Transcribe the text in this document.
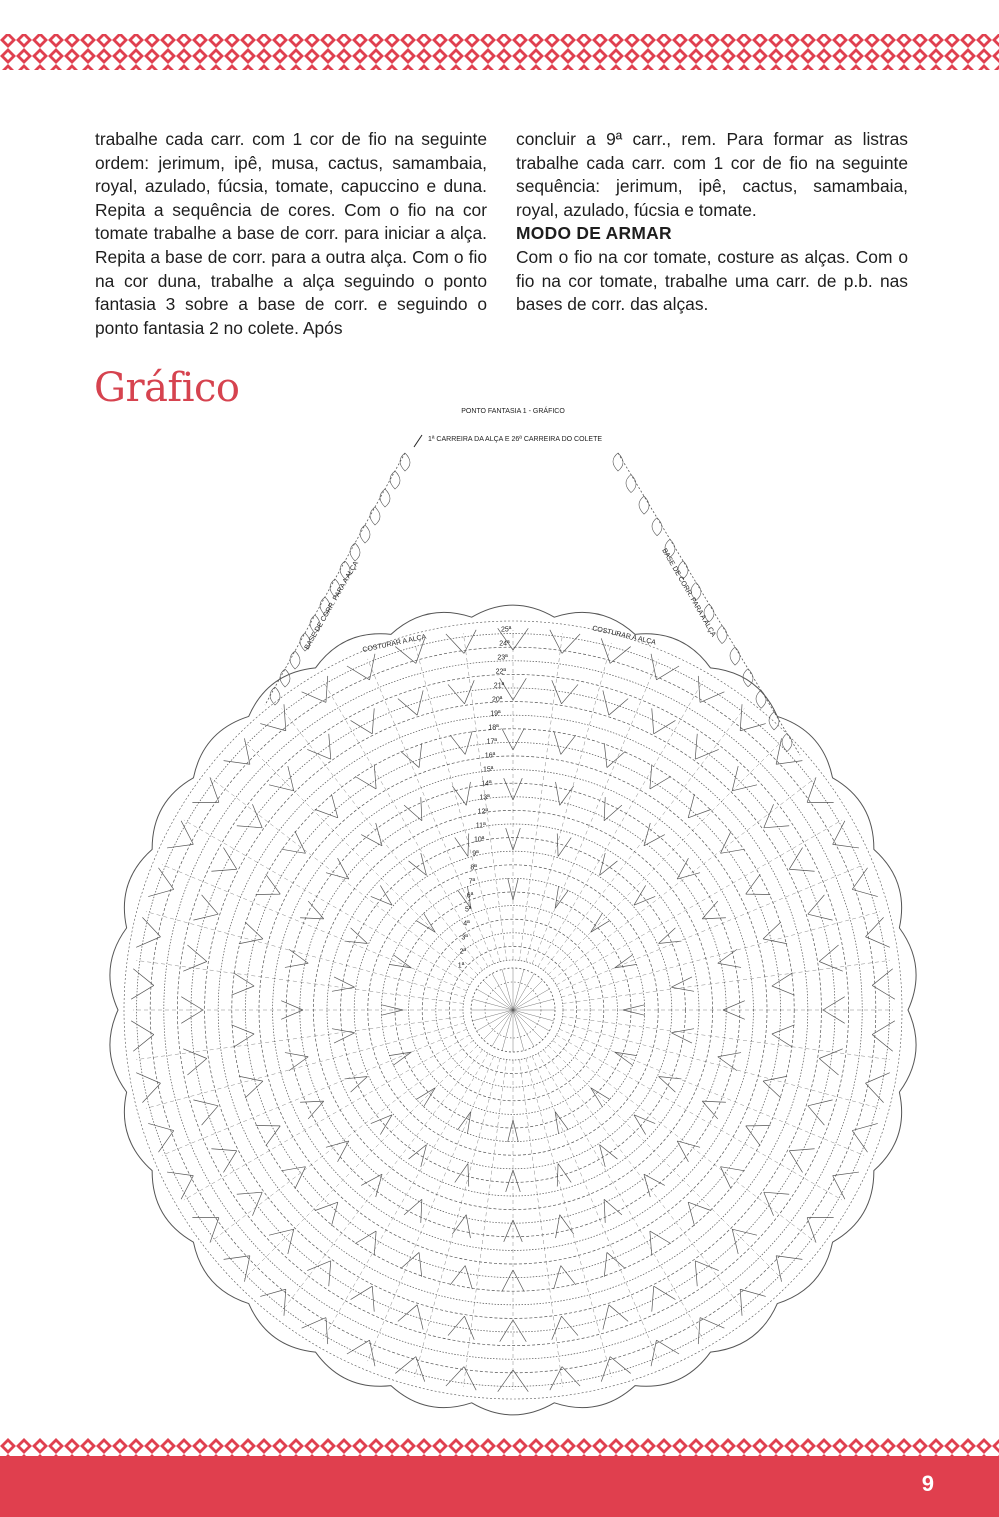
trabalhe cada carr. com 1 cor de fio na seguinte ordem: jerimum, ipê, musa, cactus, samambaia, royal, azulado, fúcsia, tomate, capuccino e duna. Repita a sequência de cores. Com o fio na cor tomate trabalhe a base de corr. para iniciar a alça. Repita a base de corr. para a outra alça. Com o fio na cor duna, trabalhe a alça seguindo o ponto fantasia 3 sobre a base de corr. e seguindo o ponto fantasia 2 no colete. Após

concluir a 9ª carr., rem. Para formar as listras trabalhe cada carr. com 1 cor de fio na seguinte sequência: jerimum, ipê, cactus, samambaia, royal, azulado, fúcsia e tomate.

MODO DE ARMAR

Com o fio na cor tomate, costure as alças. Com o fio na cor tomate, trabalhe uma carr. de p.b. nas bases de corr. das alças.

Gráfico
PONTO FANTASIA 1 - GRÁFICO
1ª CARREIRA DA ALÇA E 26ª CARREIRA DO COLETE
25ª
24ª
23ª
22ª
21ª
20ª
19ª
18ª
17ª
16ª
15ª
14ª
13ª
12ª
11ª
10ª
9ª
8ª
7ª
6ª
5ª
4ª
3ª
2ª
1ª
BASE DE CORR. PARA A ALÇA	BASE DE CORR. PARA A ALÇA
COSTURAR A ALÇA	COSTURAR A ALÇA
9
